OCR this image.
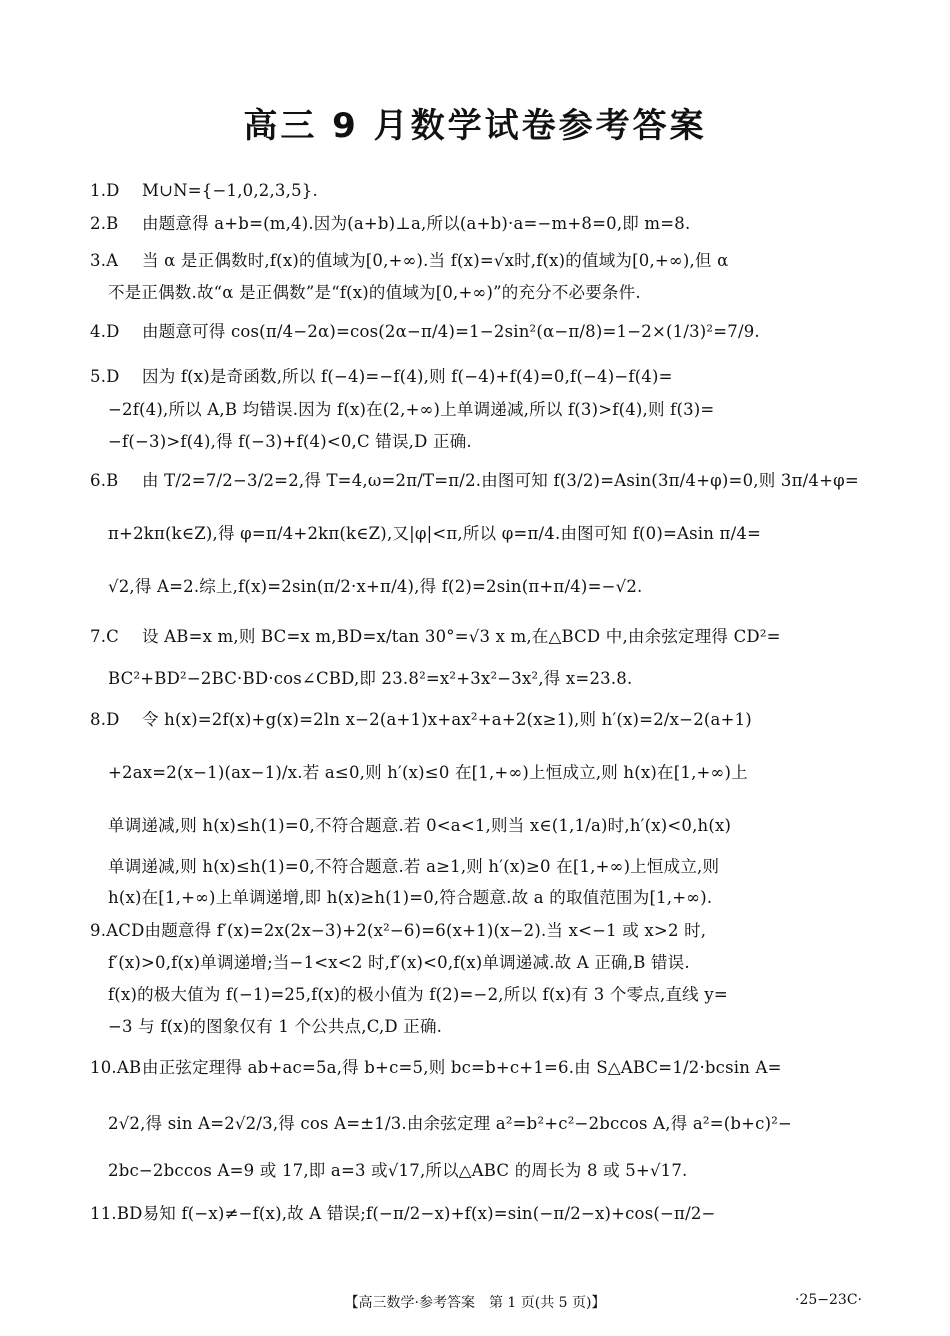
高三 9 月数学试卷参考答案
1.D M∪N={−1,0,2,3,5}.
2.B 由题意得 a+b=(m,4).因为(a+b)⊥a,所以(a+b)·a=−m+8=0,即 m=8.
3.A 当 α 是正偶数时,f(x)的值域为[0,+∞).当 f(x)=√x时,f(x)的值域为[0,+∞),但 α
不是正偶数.故“α 是正偶数”是“f(x)的值域为[0,+∞)”的充分不必要条件.
4.D 由题意可得 cos(π/4−2α)=cos(2α−π/4)=1−2sin²(α−π/8)=1−2×(1/3)²=7/9.
5.D 因为 f(x)是奇函数,所以 f(−4)=−f(4),则 f(−4)+f(4)=0,f(−4)−f(4)=
−2f(4),所以 A,B 均错误.因为 f(x)在(2,+∞)上单调递减,所以 f(3)>f(4),则 f(3)=
−f(−3)>f(4),得 f(−3)+f(4)<0,C 错误,D 正确.
6.B 由 T/2=7/2−3/2=2,得 T=4,ω=2π/T=π/2.由图可知 f(3/2)=Asin(3π/4+φ)=0,则 3π/4+φ=
π+2kπ(k∈Z),得 φ=π/4+2kπ(k∈Z),又|φ|<π,所以 φ=π/4.由图可知 f(0)=Asin π/4=
√2,得 A=2.综上,f(x)=2sin(π/2·x+π/4),得 f(2)=2sin(π+π/4)=−√2.
7.C 设 AB=x m,则 BC=x m,BD=x/tan 30°=√3 x m,在△BCD 中,由余弦定理得 CD²=
BC²+BD²−2BC·BD·cos∠CBD,即 23.8²=x²+3x²−3x²,得 x=23.8.
8.D 令 h(x)=2f(x)+g(x)=2ln x−2(a+1)x+ax²+a+2(x≥1),则 h′(x)=2/x−2(a+1)
+2ax=2(x−1)(ax−1)/x.若 a≤0,则 h′(x)≤0 在[1,+∞)上恒成立,则 h(x)在[1,+∞)上
单调递减,则 h(x)≤h(1)=0,不符合题意.若 0<a<1,则当 x∈(1,1/a)时,h′(x)<0,h(x)
单调递减,则 h(x)≤h(1)=0,不符合题意.若 a≥1,则 h′(x)≥0 在[1,+∞)上恒成立,则
h(x)在[1,+∞)上单调递增,即 h(x)≥h(1)=0,符合题意.故 a 的取值范围为[1,+∞).
9.ACD由题意得 f′(x)=2x(2x−3)+2(x²−6)=6(x+1)(x−2).当 x<−1 或 x>2 时,
f′(x)>0,f(x)单调递增;当−1<x<2 时,f′(x)<0,f(x)单调递减.故 A 正确,B 错误.
f(x)的极大值为 f(−1)=25,f(x)的极小值为 f(2)=−2,所以 f(x)有 3 个零点,直线 y=
−3 与 f(x)的图象仅有 1 个公共点,C,D 正确.
10.AB由正弦定理得 ab+ac=5a,得 b+c=5,则 bc=b+c+1=6.由 S△ABC=1/2·bcsin A=
2√2,得 sin A=2√2/3,得 cos A=±1/3.由余弦定理 a²=b²+c²−2bccos A,得 a²=(b+c)²−
2bc−2bccos A=9 或 17,即 a=3 或√17,所以△ABC 的周长为 8 或 5+√17.
11.BD易知 f(−x)≠−f(x),故 A 错误;f(−π/2−x)+f(x)=sin(−π/2−x)+cos(−π/2−
【高三数学·参考答案　第 1 页(共 5 页)】	·25−23C·
